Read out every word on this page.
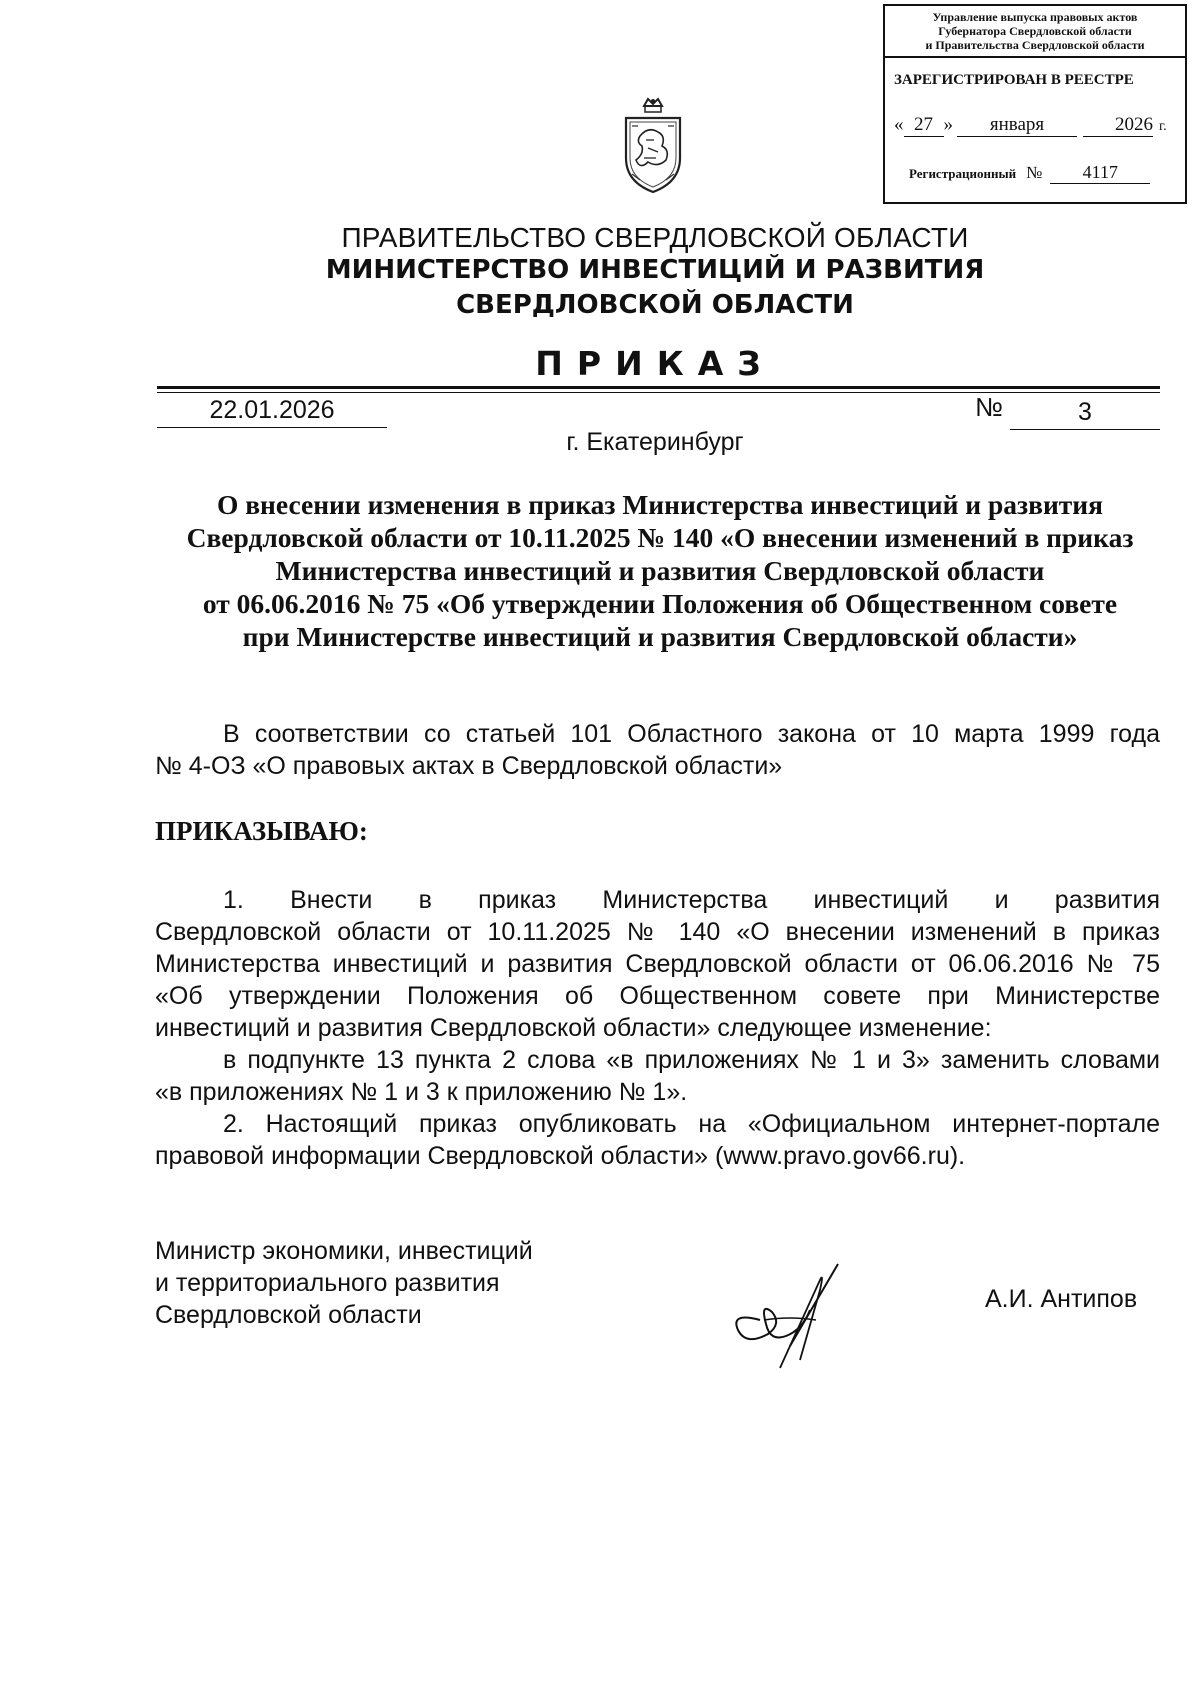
Управление выпуска правовых актов
Губернатора Свердловской области
и Правительства Свердловской области
ЗАРЕГИСТРИРОВАН В РЕЕСТРЕ
« 27 » января	2026 г.
Регистрационный № 4117
ПРАВИТЕЛЬСТВО СВЕРДЛОВСКОЙ ОБЛАСТИ
МИНИСТЕРСТВО ИНВЕСТИЦИЙ И РАЗВИТИЯ
СВЕРДЛОВСКОЙ ОБЛАСТИ
ПРИКАЗ
22.01.2026	№	3
г. Екатеринбург
О внесении изменения в приказ Министерства инвестиций и развития
Свердловской области от 10.11.2025 № 140 «О внесении изменений в приказ
Министерства инвестиций и развития Свердловской области
от 06.06.2016 № 75 «Об утверждении Положения об Общественном совете
при Министерстве инвестиций и развития Свердловской области»
В соответствии со статьей 101 Областного закона от 10 марта 1999 года
№ 4-ОЗ «О правовых актах в Свердловской области»
ПРИКАЗЫВАЮ:
1. Внести в приказ Министерства инвестиций и развития
Свердловской области от 10.11.2025 № 140 «О внесении изменений в приказ
Министерства инвестиций и развития Свердловской области от 06.06.2016 № 75
«Об утверждении Положения об Общественном совете при Министерстве
инвестиций и развития Свердловской области» следующее изменение:
в подпункте 13 пункта 2 слова «в приложениях № 1 и 3» заменить словами
«в приложениях № 1 и 3 к приложению № 1».
2. Настоящий приказ опубликовать на «Официальном интернет-портале
правовой информации Свердловской области» (www.pravo.gov66.ru).
Министр экономики, инвестиций
и территориального развития
Свердловской области
А.И. Антипов
